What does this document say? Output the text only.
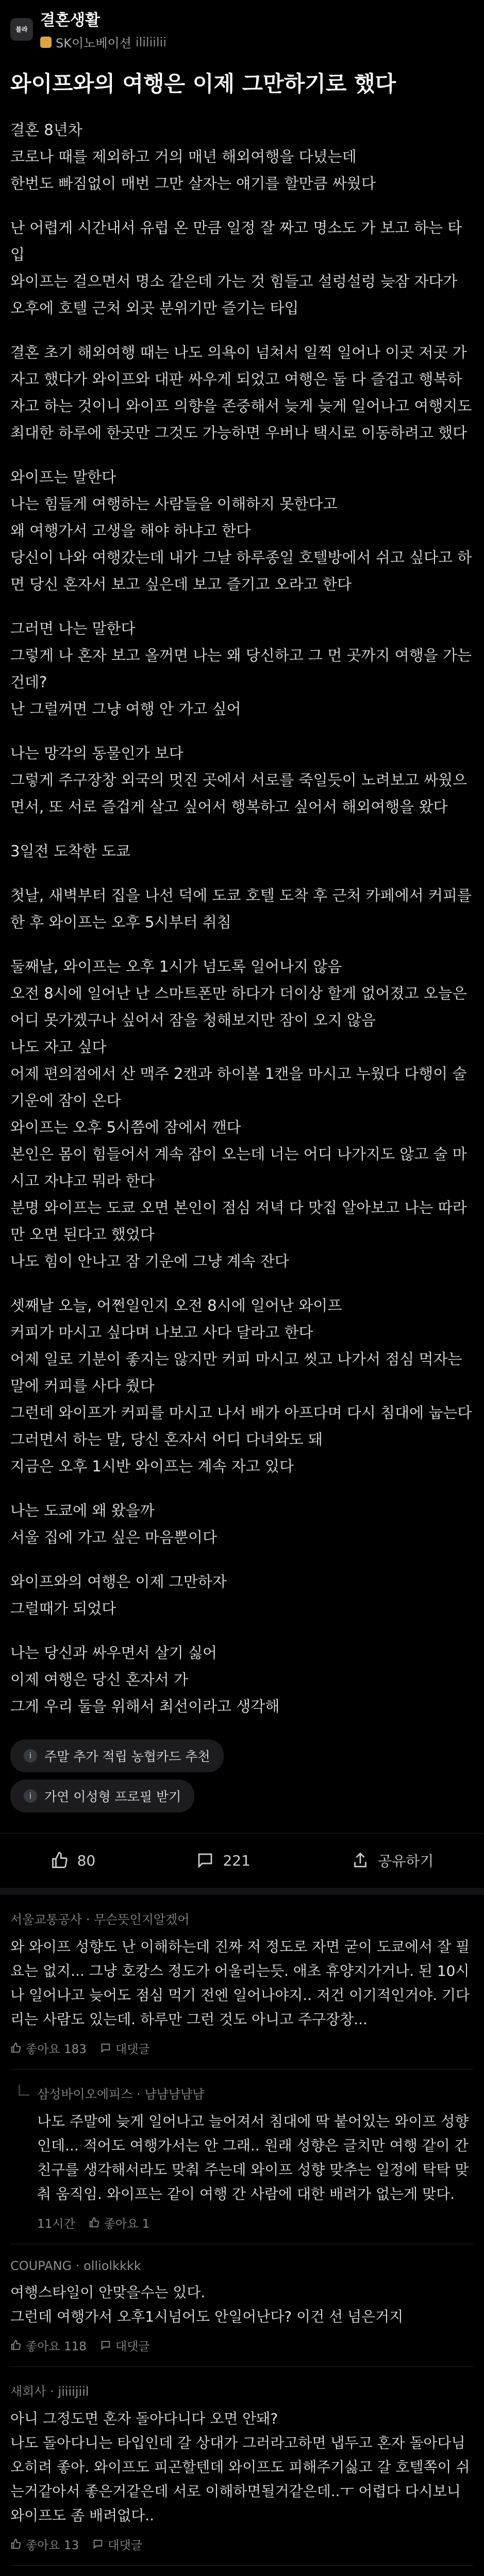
블라 결혼생활
SK이노베이션 ililiilii
와이프와의 여행은 이제 그만하기로 했다

결혼 8년차
코로나 때를 제외하고 거의 매년 해외여행을 다녔는데
한번도 빠짐없이 매번 그만 살자는 얘기를 할만큼 싸웠다

난 어렵게 시간내서 유럽 온 만큼 일정 잘 짜고 명소도 가 보고 하는 타입
와이프는 걸으면서 명소 같은데 가는 것 힘들고 설렁설렁 늦잠 자다가 오후에 호텔 근처 외곳 분위기만 즐기는 타입

결혼 초기 해외여행 때는 나도 의욕이 넘쳐서 일찍 일어나 이곳 저곳 가자고 했다가 와이프와 대판 싸우게 되었고 여행은 둘 다 즐겁고 행복하자고 하는 것이니 와이프 의향을 존중해서 늦게 늦게 일어나고 여행지도 최대한 하루에 한곳만 그것도 가능하면 우버나 택시로 이동하려고 했다

와이프는 말한다
나는 힘들게 여행하는 사람들을 이해하지 못한다고
왜 여행가서 고생을 해야 하냐고 한다
당신이 나와 여행갔는데 내가 그날 하루종일 호텔방에서 쉬고 싶다고 하면 당신 혼자서 보고 싶은데 보고 즐기고 오라고 한다

그러면 나는 말한다
그렇게 나 혼자 보고 올꺼면 나는 왜 당신하고 그 먼 곳까지 여행을 가는 건데?
난 그럴꺼면 그냥 여행 안 가고 싶어

나는 망각의 동물인가 보다
그렇게 주구장창 외국의 멋진 곳에서 서로를 죽일듯이 노려보고 싸웠으면서, 또 서로 즐겁게 살고 싶어서 행복하고 싶어서 해외여행을 왔다

3일전 도착한 도쿄

첫날, 새벽부터 집을 나선 덕에 도쿄 호텔 도착 후 근처 카페에서 커피를 한 후 와이프는 오후 5시부터 취침

둘째날, 와이프는 오후 1시가 넘도록 일어나지 않음
오전 8시에 일어난 난 스마트폰만 하다가 더이상 할게 없어졌고 오늘은 어디 못가겠구나 싶어서 잠을 청해보지만 잠이 오지 않음
나도 자고 싶다
어제 편의점에서 산 맥주 2캔과 하이볼 1캔을 마시고 누웠다 다행이 술 기운에 잠이 온다
와이프는 오후 5시쯤에 잠에서 깬다
본인은 몸이 힘들어서 계속 잠이 오는데 너는 어디 나가지도 않고 술 마시고 자냐고 뭐라 한다
분명 와이프는 도쿄 오면 본인이 점심 저녁 다 맛집 알아보고 나는 따라만 오면 된다고 했었다
나도 힘이 안나고 잠 기운에 그냥 계속 잔다

셋째날 오늘, 어쩐일인지 오전 8시에 일어난 와이프
커피가 마시고 싶다며 나보고 사다 달라고 한다
어제 일로 기분이 좋지는 않지만 커피 마시고 씻고 나가서 점심 먹자는 말에 커피를 사다 줬다
그런데 와이프가 커피를 마시고 나서 배가 아프다며 다시 침대에 눕는다
그러면서 하는 말, 당신 혼자서 어디 다녀와도 돼
지금은 오후 1시반 와이프는 계속 자고 있다

나는 도쿄에 왜 왔을까
서울 집에 가고 싶은 마음뿐이다

와이프와의 여행은 이제 그만하자
그럴때가 되었다

나는 당신과 싸우면서 살기 싫어
이제 여행은 당신 혼자서 가
그게 우리 둘을 위해서 최선이라고 생각해

i 주말 추가 적립 농협카드 추천
i 가연 이성형 프로필 받기
80	221	공유하기
서울교통공사 · 무슨뜻인지알겠어
와 와이프 성향도 난 이해하는데 진짜 저 정도로 자면 굳이 도쿄에서 잘 필요는 없지... 그냥 호캉스 정도가 어울리는듯. 애초 휴양지가거나. 된 10시나 일어나고 늦어도 점심 먹기 전엔 일어나야지.. 저건 이기적인거야. 기다리는 사람도 있는데. 하루만 그런 것도 아니고 주구장창...
좋아요 183 대댓글
삼성바이오에피스 · 냠냠냠냠냠
나도 주말에 늦게 일어나고 늘어져서 침대에 딱 붙어있는 와이프 성향인데... 적어도 여행가서는 안 그래.. 원래 성향은 글치만 여행 같이 간 친구를 생각해서라도 맞춰 주는데 와이프 성향 맞추는 일정에 탁탁 맞춰 움직임. 와이프는 같이 여행 간 사람에 대한 배려가 없는게 맞다.
11시간 좋아요 1
COUPANG · olliolkkkk
여행스타일이 안맞을수는 있다.
그런데 여행가서 오후1시넘어도 안일어난다? 이건 선 넘은거지
좋아요 118 대댓글
새회사 · jiiiijiil
아니 그정도면 혼자 돌아다니다 오면 안돼?
나도 돌아다니는 타입인데 갈 상대가 그러라고하면 냅두고 혼자 돌아다님
오히려 좋아. 와이프도 피곤할텐데 와이프도 피해주기싫고 갈 호텔쪽이 쉬는거같아서 좋은거같은데 서로 이해하면될거같은데..ㅜ 어렵다 다시보니 와이프도 좀 배려없다..
좋아요 13 대댓글
